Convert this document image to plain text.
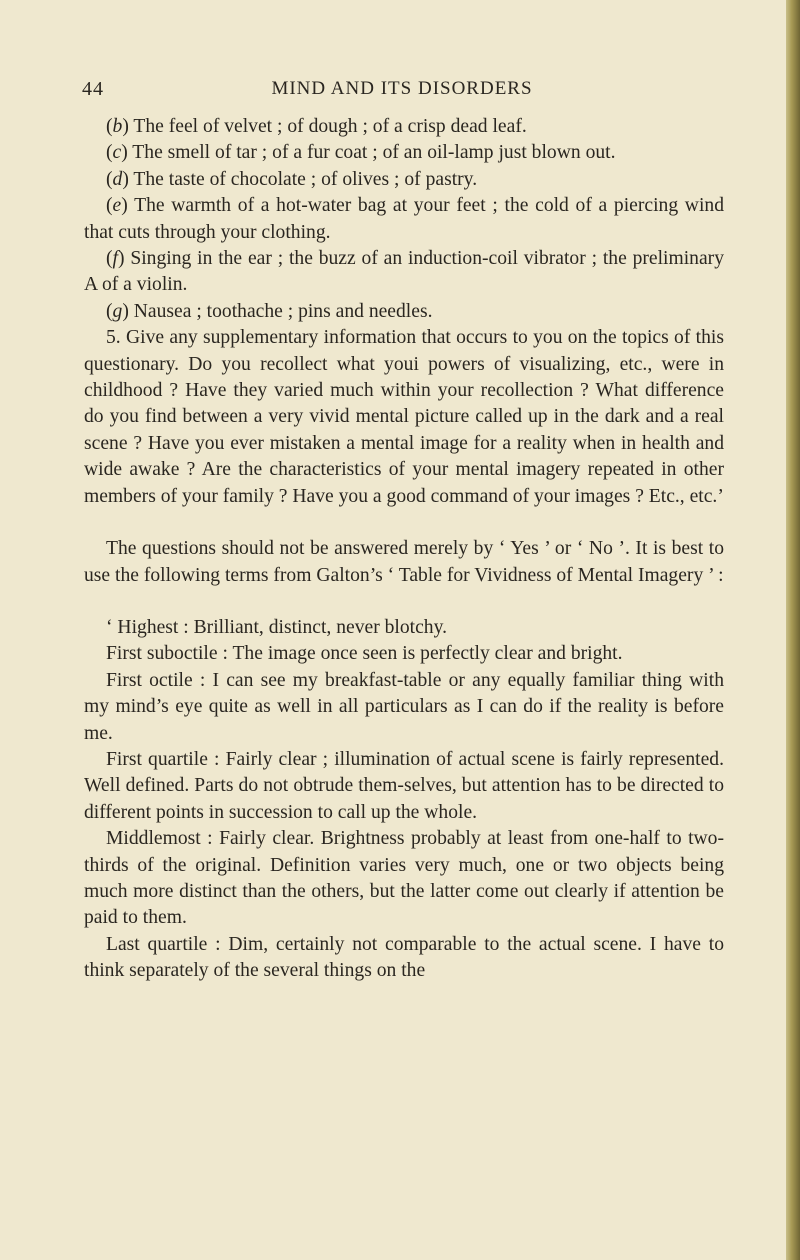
44	MIND AND ITS DISORDERS

(b) The feel of velvet ; of dough ; of a crisp dead leaf.

(c) The smell of tar ; of a fur coat ; of an oil-lamp just blown out.

(d) The taste of chocolate ; of olives ; of pastry.

(e) The warmth of a hot-water bag at your feet ; the cold of a piercing wind that cuts through your clothing.

(f) Singing in the ear ; the buzz of an induction-coil vibrator ; the preliminary A of a violin.

(g) Nausea ; toothache ; pins and needles.

5. Give any supplementary information that occurs to you on the topics of this questionary. Do you recollect what youi powers of visualizing, etc., were in childhood ? Have they varied much within your recollection ? What difference do you find between a very vivid mental picture called up in the dark and a real scene ? Have you ever mistaken a mental image for a reality when in health and wide awake ? Are the characteristics of your mental imagery repeated in other members of your family ? Have you a good command of your images ? Etc., etc.’

The questions should not be answered merely by ‘ Yes ’ or ‘ No ’. It is best to use the following terms from Galton’s ‘ Table for Vividness of Mental Imagery ’ :

‘ Highest : Brilliant, distinct, never blotchy.

First suboctile : The image once seen is perfectly clear and bright.

First octile : I can see my breakfast-table or any equally familiar thing with my mind’s eye quite as well in all particulars as I can do if the reality is before me.

First quartile : Fairly clear ; illumination of actual scene is fairly represented. Well defined. Parts do not obtrude them-selves, but attention has to be directed to different points in succession to call up the whole.

Middlemost : Fairly clear. Brightness probably at least from one-half to two-thirds of the original. Definition varies very much, one or two objects being much more distinct than the others, but the latter come out clearly if attention be paid to them.

Last quartile : Dim, certainly not comparable to the actual scene. I have to think separately of the several things on the
